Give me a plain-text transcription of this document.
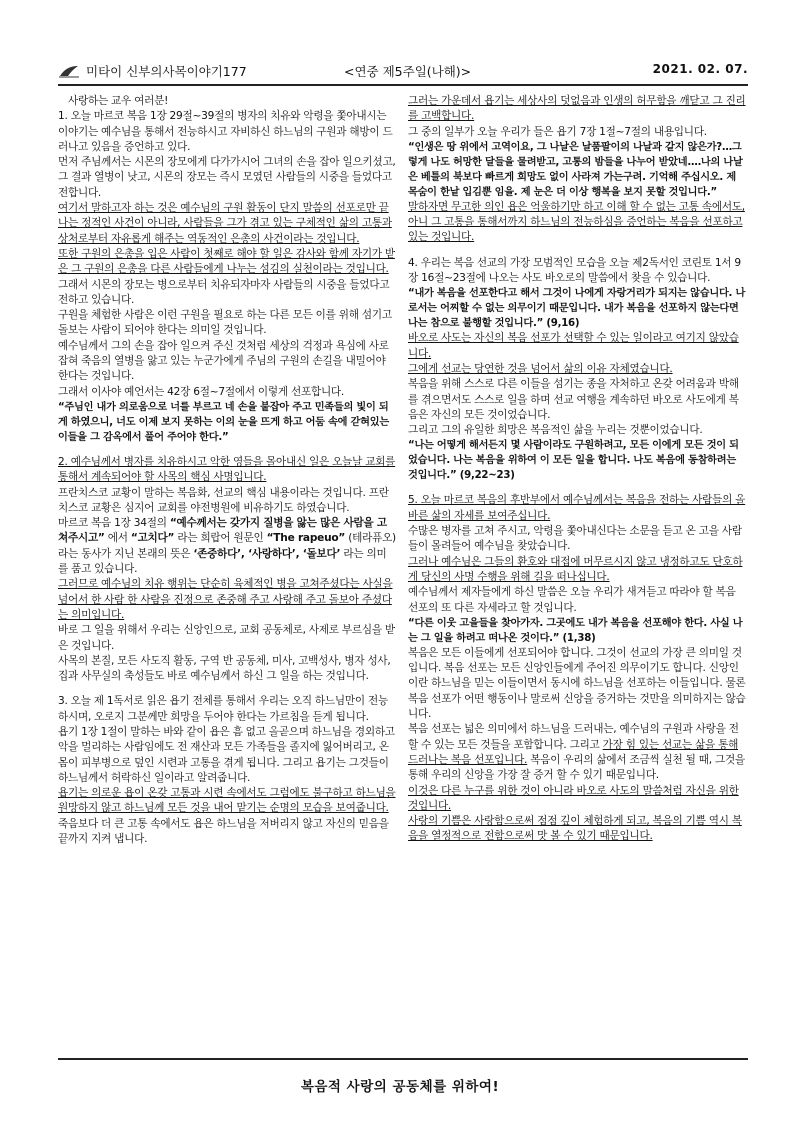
미타이 신부의사목이야기177	<연중 제5주일(나해)>	2021. 02. 07.

사랑하는 교우 여러분!

1. 오늘 마르코 복음 1장 29절~39절의 병자의 치유와 악령을 쫓아내시는 이야기는 예수님을 통해서 전능하시고 자비하신 하느님의 구원과 해방이 드러나고 있음을 증언하고 있다.

먼저 주님께서는 시몬의 장모에게 다가가시어 그녀의 손을 잡아 일으키셨고, 그 결과 열병이 낫고, 시몬의 장모는 즉시 모였던 사람들의 시중을 들었다고 전합니다.

여기서 말하고자 하는 것은 예수님의 구원 활동이 단지 말씀의 선포로만 끝나는 정적인 사건이 아니라, 사람들을 그가 겪고 있는 구체적인 삶의 고통과 상처로부터 자유롭게 해주는 역동적인 은총의 사건이라는 것입니다.

또한 구원의 은총을 입은 사람이 첫째로 해야 할 일은 감사와 함께 자기가 받은 그 구원의 은총을 다른 사람들에게 나누는 섬김의 실천이라는 것입니다.

그래서 시몬의 장모는 병으로부터 치유되자마자 사람들의 시중을 들었다고 전하고 있습니다.

구원을 체험한 사람은 이런 구원을 필요로 하는 다른 모든 이를 위해 섬기고 돌보는 사람이 되어야 한다는 의미일 것입니다.

예수님께서 그의 손을 잡아 일으켜 주신 것처럼 세상의 걱정과 욕심에 사로잡혀 죽음의 열병을 앓고 있는 누군가에게 주님의 구원의 손길을 내밀어야 한다는 것입니다.

그래서 이사야 예언서는 42장 6절~7절에서 이렇게 선포합니다.

“주님인 내가 의로움으로 너를 부르고 네 손을 붙잡아 주고 민족들의 빛이 되게 하였으니, 너도 이제 보지 못하는 이의 눈을 뜨게 하고 어둠 속에 갇혀있는 이들을 그 감옥에서 풀어 주어야 한다.”

2. 예수님께서 병자를 치유하시고 악한 영들을 몰아내신 일은 오늘날 교회를 통해서 계속되어야 할 사목의 핵심 사명입니다.

프란치스코 교황이 말하는 복음화, 선교의 핵심 내용이라는 것입니다. 프란치스코 교황은 심지어 교회를 야전병원에 비유하기도 하였습니다.

마르코 복음 1장 34절의 “예수께서는 갖가지 질병을 앓는 많은 사람을 고쳐주시고” 에서 “고치다” 라는 희랍어 원문인 “The rapeuo” (테라퓨오)라는 동사가 지닌 본래의 뜻은 ‘존중하다’, ‘사랑하다’, ‘돌보다’ 라는 의미를 품고 있습니다.

그러므로 예수님의 치유 행위는 단순히 육체적인 병을 고쳐주셨다는 사실을 넘어서 한 사람 한 사람을 진정으로 존중해 주고 사랑해 주고 돌보아 주셨다는 의미입니다.

바로 그 일을 위해서 우리는 신앙인으로, 교회 공동체로, 사제로 부르심을 받은 것입니다.

사목의 본질, 모든 사도직 활동, 구역 반 공동체, 미사, 고백성사, 병자 성사, 집과 사무실의 축성들도 바로 예수님께서 하신 그 일을 하는 것입니다.

3. 오늘 제 1독서로 읽은 욥기 전체를 통해서 우리는 오직 하느님만이 전능하시며, 오로지 그분께만 희망을 두어야 한다는 가르침을 듣게 됩니다.

욥기 1장 1절이 말하는 바와 같이 욥은 흠 없고 올곧으며 하느님을 경외하고 악을 멀리하는 사람임에도 전 재산과 모든 가족들을 졸지에 잃어버리고, 온 몸이 피부병으로 덮인 시련과 고통을 겪게 됩니다. 그리고 욥기는 그것들이 하느님께서 허락하신 일이라고 알려줍니다.

욥기는 의로운 욥이 온갖 고통과 시련 속에서도 그럼에도 불구하고 하느님을 원망하지 않고 하느님께 모든 것을 내어 맡기는 순명의 모습을 보여줍니다.

죽음보다 더 큰 고통 속에서도 욥은 하느님을 저버리지 않고 자신의 믿음을 끝까지 지켜 냅니다.

그러는 가운데서 욥기는 세상사의 덧없음과 인생의 허무함을 깨닫고 그 진리를 고백합니다.

그 중의 일부가 오늘 우리가 들은 욥기 7장 1절~7절의 내용입니다.

“인생은 땅 위에서 고역이요, 그 나날은 날품팔이의 나날과 같지 않은가?…그렇게 나도 허망한 달들을 물려받고, 고통의 밤들을 나누어 받았네.…나의 나날은 베틀의 북보다 빠르게 희망도 없이 사라져 가는구려. 기억해 주십시오. 제 목숨이 한낱 입김뿐 임을. 제 눈은 더 이상 행복을 보지 못할 것입니다.”

말하자면 무고한 의인 욥은 억울하기만 하고 이해 할 수 없는 고통 속에서도, 아니 그 고통을 통해서까지 하느님의 전능하심을 증언하는 복음을 선포하고 있는 것입니다.

4. 우리는 복음 선교의 가장 모범적인 모습을 오늘 제2독서인 코린토 1서 9장 16절~23절에 나오는 사도 바오로의 말씀에서 찾을 수 있습니다.

“내가 복음을 선포한다고 해서 그것이 나에게 자랑거리가 되지는 않습니다. 나로서는 어찌할 수 없는 의무이기 때문입니다. 내가 복음을 선포하지 않는다면 나는 참으로 불행할 것입니다.” (9,16)

바오로 사도는 자신의 복음 선포가 선택할 수 있는 일이라고 여기지 않았습니다.

그에게 선교는 당연한 것을 넘어서 삶의 이유 자체였습니다.

복음을 위해 스스로 다른 이들을 섬기는 종을 자처하고 온갖 어려움과 박해를 겪으면서도 스스로 일을 하며 선교 여행을 계속하던 바오로 사도에게 복음은 자신의 모든 것이었습니다.

그리고 그의 유일한 희망은 복음적인 삶을 누리는 것뿐이었습니다.

“나는 어떻게 해서든지 몇 사람이라도 구원하려고, 모든 이에게 모든 것이 되었습니다. 나는 복음을 위하여 이 모든 일을 합니다. 나도 복음에 동참하려는 것입니다.” (9,22~23)

5. 오늘 마르코 복음의 후반부에서 예수님께서는 복음을 전하는 사람들의 올바른 삶의 자세를 보여주십니다.

수많은 병자를 고쳐 주시고, 악령을 쫓아내신다는 소문을 듣고 온 고을 사람들이 몰려들어 예수님을 찾았습니다.

그러나 예수님은 그들의 환호와 대접에 머무르시지 않고 냉정하고도 단호하게 당신의 사명 수행을 위해 길을 떠나십니다.

예수님께서 제자들에게 하신 말씀은 오늘 우리가 새겨듣고 따라야 할 복음 선포의 또 다른 자세라고 할 것입니다.

“다른 이웃 고을들을 찾아가자. 그곳에도 내가 복음을 선포해야 한다. 사실 나는 그 일을 하려고 떠나온 것이다.” (1,38)

복음은 모든 이들에게 선포되어야 합니다. 그것이 선교의 가장 큰 의미일 것입니다. 복음 선포는 모든 신앙인들에게 주어진 의무이기도 합니다. 신앙인이란 하느님을 믿는 이들이면서 동시에 하느님을 선포하는 이들입니다. 물론 복음 선포가 어떤 행동이나 말로써 신앙을 증거하는 것만을 의미하지는 않습니다.

복음 선포는 넓은 의미에서 하느님을 드러내는, 예수님의 구원과 사랑을 전할 수 있는 모든 것들을 포함합니다. 그리고 가장 힘 있는 선교는 삶을 통해 드러나는 복음 선포입니다. 복음이 우리의 삶에서 조금씩 실천 될 때, 그것을 통해 우리의 신앙을 가장 잘 증거 할 수 있기 때문입니다.

이것은 다른 누구를 위한 것이 아니라 바오로 사도의 말씀처럼 자신을 위한 것입니다.

사랑의 기쁨은 사랑함으로써 점점 깊이 체험하게 되고, 복음의 기쁨 역시 복음을 열정적으로 전함으로써 맛 볼 수 있기 때문입니다.

복음적 사랑의 공동체를 위하여!
